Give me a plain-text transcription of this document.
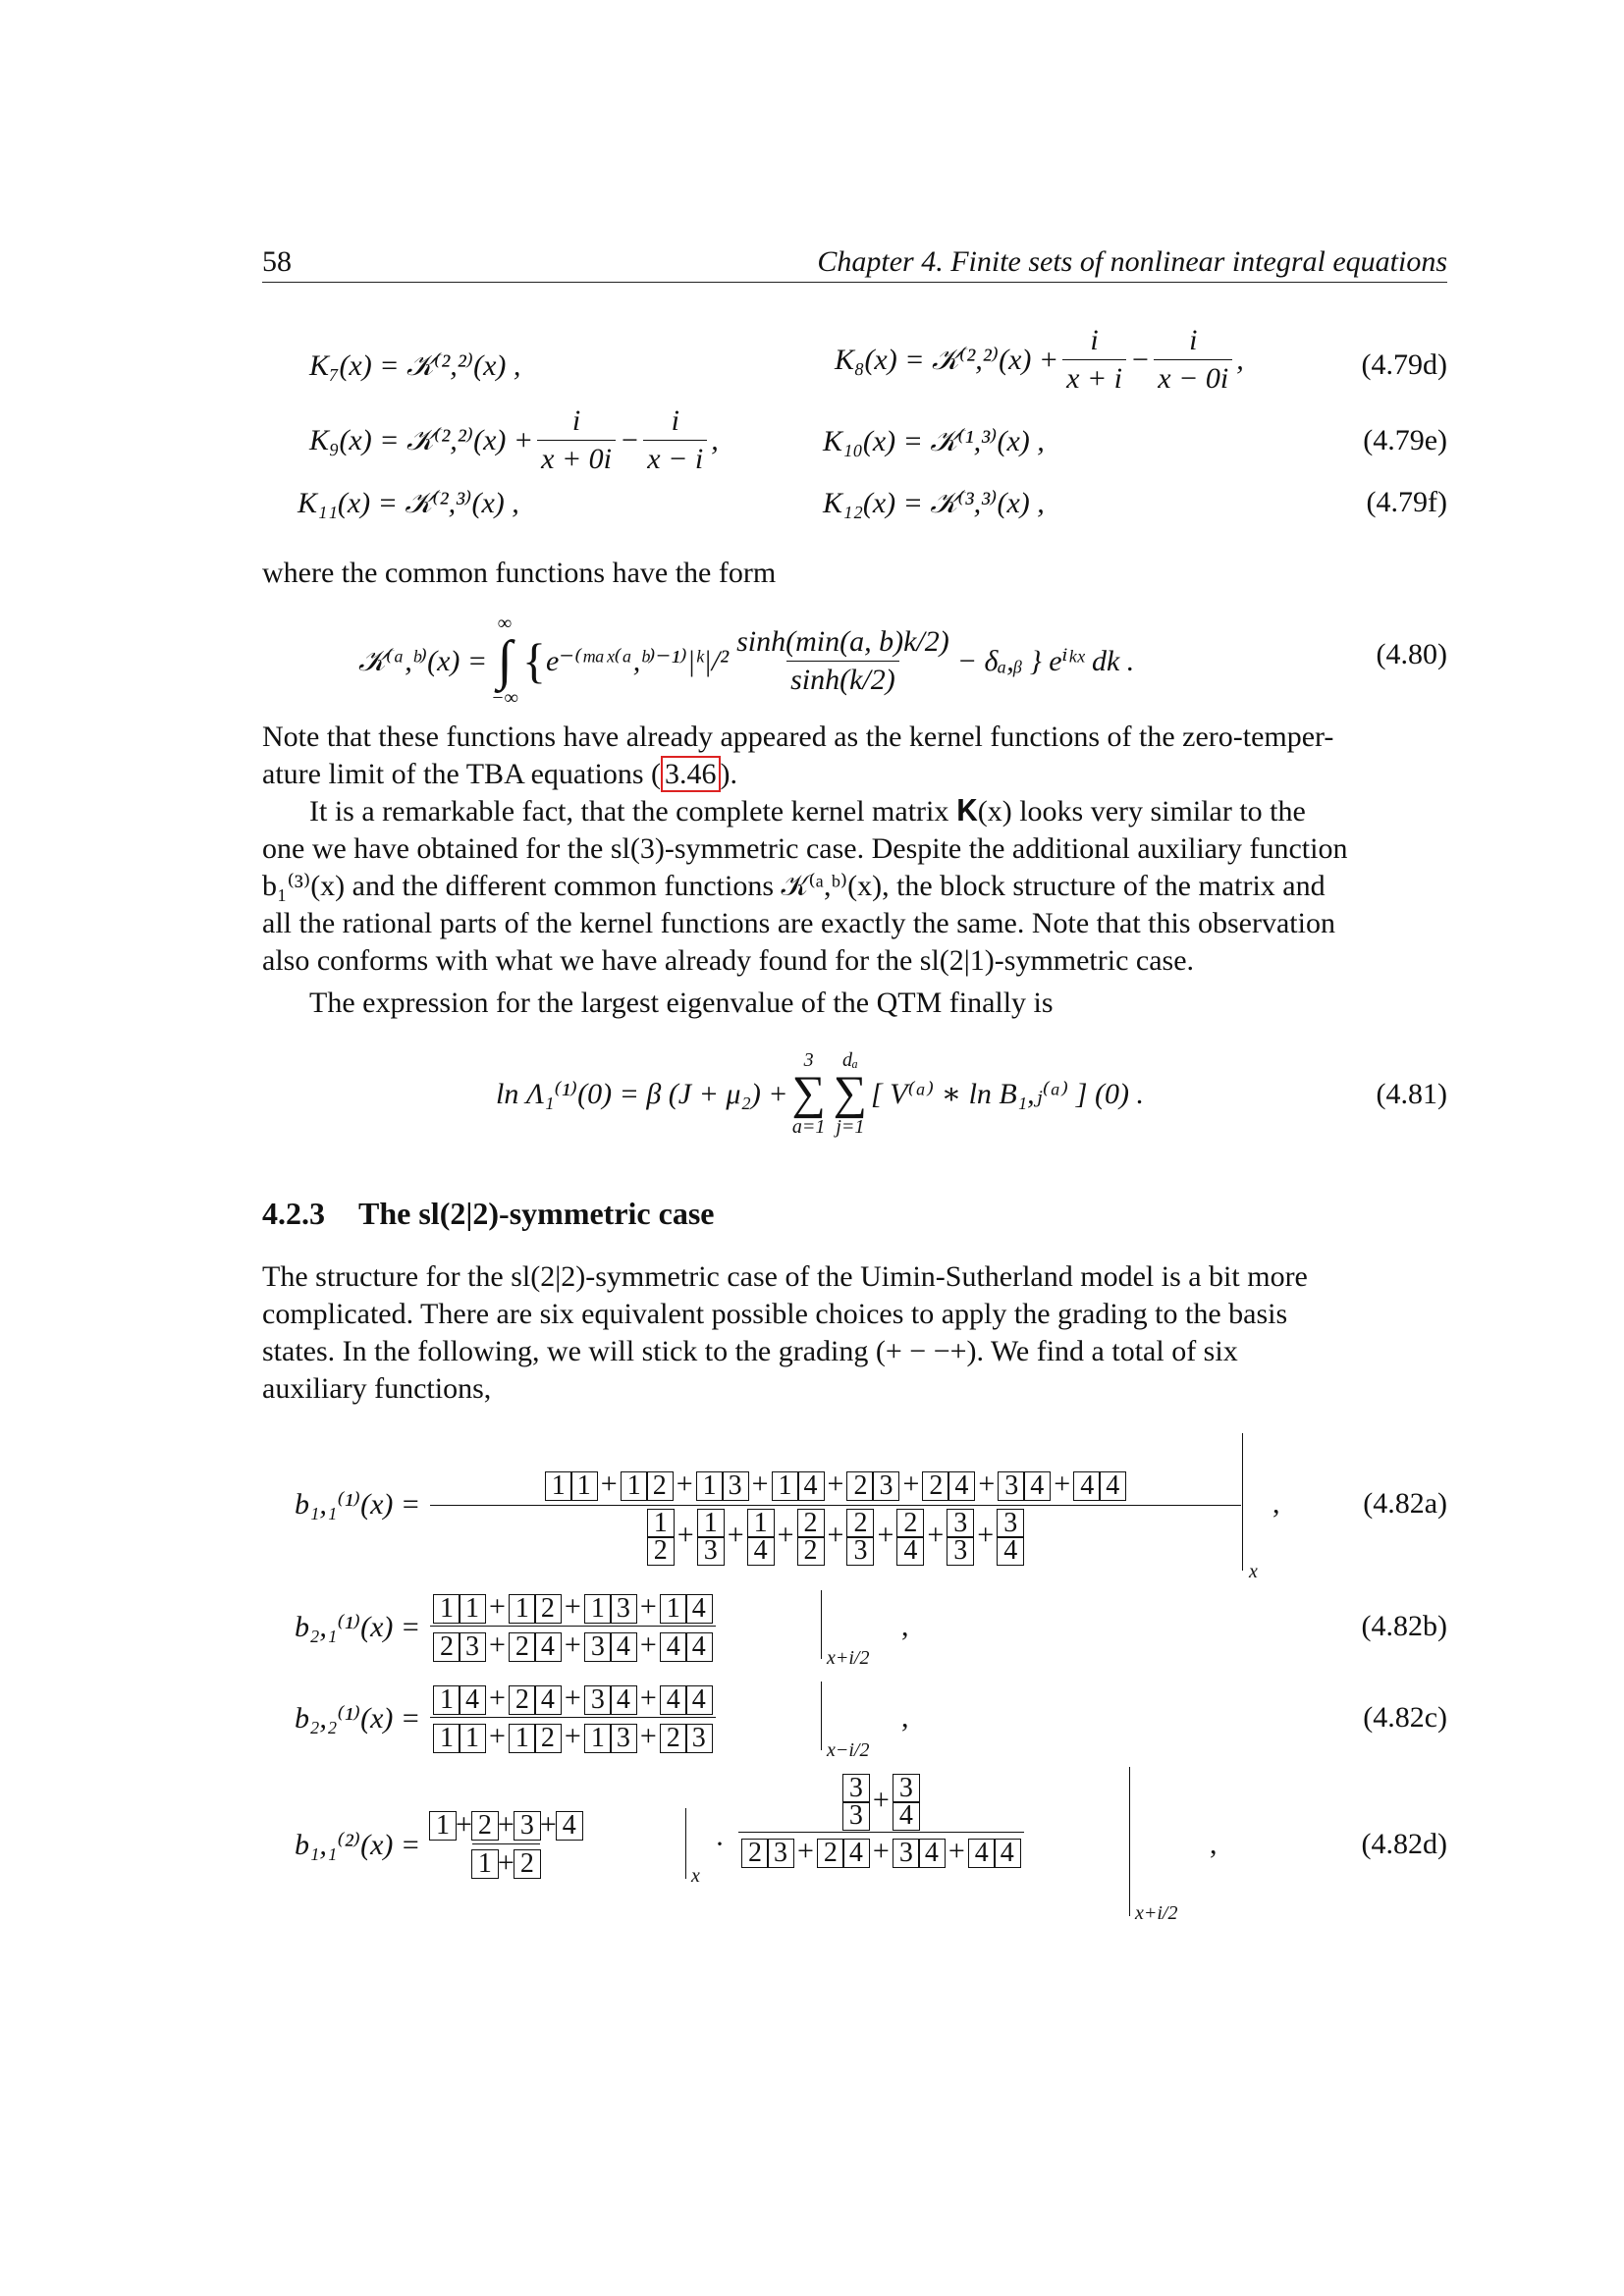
58	Chapter 4. Finite sets of nonlinear integral equations
K₇(x) = 𝒦⁽²,²⁾(x) ,	K₈(x) = 𝒦⁽²,²⁾(x) + $\frac{i}{x + i} - \frac{i}{x - 0i}$ ,	(4.79d)
K₉(x) = 𝒦⁽²,²⁾(x) + $\frac{i}{x + 0i} - \frac{i}{x - i}$ ,	K₁₀(x) = 𝒦⁽¹,³⁾(x) ,	(4.79e)
K₁₁(x) = 𝒦⁽²,³⁾(x) ,	K₁₂(x) = 𝒦⁽³,³⁾(x) ,	(4.79f)
where the common functions have the form
𝒦⁽ᵃ,ᵇ⁾(x) =
∞
∫
−∞
{ e⁻⁽ᵐᵃˣ⁽ᵃ,ᵇ⁾⁻¹⁾|ᵏ|/² $\frac{\sinh(\min(a, b)k/2)}{\sinh(k/2)}$ − δₐ,ᵦ } eⁱᵏˣ dk .	(4.80)
Note that these functions have already appeared as the kernel functions of the zero-temper-
ature limit of the TBA equations ( 3.46 ).
It is a remarkable fact, that the complete kernel matrix 𝐊(x) looks very similar to the
one we have obtained for the sl(3)-symmetric case. Despite the additional auxiliary function
b₁⁽³⁾(x) and the different common functions 𝒦⁽ᵃ,ᵇ⁾(x), the block structure of the matrix and
all the rational parts of the kernel functions are exactly the same. Note that this observation
also conforms with what we have already found for the sl(2|1)-symmetric case.
The expression for the largest eigenvalue of the QTM finally is
ln Λ₁⁽¹⁾(0) = β (J + μ₂) +
3
∑
a=1
dₐ
∑
j=1
[ V⁽ᵃ⁾ ∗ ln B₁,ⱼ⁽ᵃ⁾ ] (0) .	(4.81)
4.2.3 The sl(2|2)-symmetric case
The structure for the sl(2|2)-symmetric case of the Uimin-Sutherland model is a bit more
complicated. There are six equivalent possible choices to apply the grading to the basis
states. In the following, we will stick to the grading (+ − −+). We find a total of six
auxiliary functions,
$b_1,_1^{(1)}(x) = \frac{1 1 + 1 2 + 1 3 + 1 4 + 2 3 + 2 4 + 3 4 + 4 4}{\frac{1}{2} + \frac{1}{3} + \frac{1}{4} + \frac{2}{2} + \frac{2}{3} + \frac{2}{4} + \frac{3}{3} + \frac{3}{4}}$
x
,	(4.82a)
b₂,₁⁽¹⁾(x) =
1 1 + 1 2 + 1 3 + 1 4
2 3 + 2 4 + 3 4 + 4 4	x+i/2
,	(4.82b)
b₂,₂⁽¹⁾(x) =
1 4 + 2 4 + 3 4 + 4 4
1 1 + 1 2 + 1 3 + 2 3	x−i/2
,	(4.82c)
b₁,₁⁽²⁾(x) =
1 + 2 + 3 + 4
1 + 2	x
·
$\frac{3}{3} + \frac{3}{4}$
2 3 + 2 4 + 3 4 + 4 4
x+i/2
,	(4.82d)
